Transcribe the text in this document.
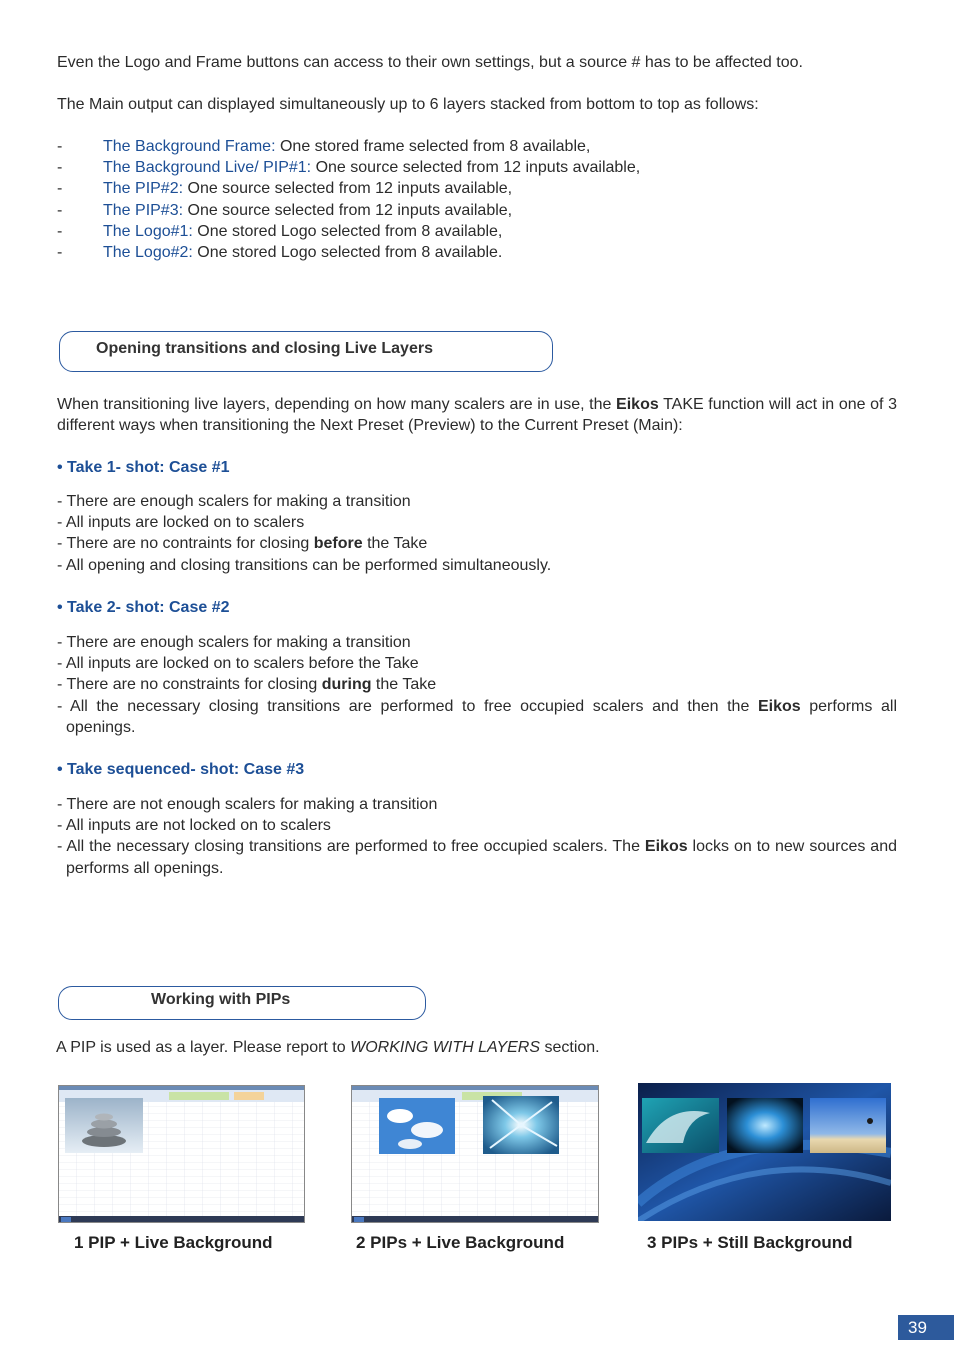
Even the Logo and Frame buttons can access to their own settings, but a source # has to be affected too.

The Main output can displayed simultaneously up to 6 layers stacked from bottom to top as follows:

-	The Background Frame: One stored frame selected from 8 available,
-	The Background Live/ PIP#1: One source selected from 12 inputs available,
-	The PIP#2: One source selected from 12 inputs available,
-	The PIP#3: One source selected from 12 inputs available,
-	The Logo#1: One stored Logo selected from 8 available,
-	The Logo#2: One stored Logo selected from 8 available.
Opening transitions and closing Live Layers

When transitioning live layers, depending on how many scalers are in use, the Eikos TAKE function will act in one of 3 different ways when transitioning the Next Preset (Preview) to the Current Preset (Main):

• Take 1- shot: Case #1

- There are enough scalers for making a transition
- All inputs are locked on to scalers
- There are no contraints for closing before the Take
- All opening and closing transitions can be performed simultaneously.

• Take 2- shot: Case #2

- There are enough scalers for making a transition
- All inputs are locked on to scalers before the Take
- There are no constraints for closing during the Take
- All the necessary closing transitions are performed to free occupied scalers and then the Eikos performs all openings.

• Take sequenced- shot: Case #3

- There are not enough scalers for making a transition
- All inputs are not locked on to scalers
- All the necessary closing transitions are performed to free occupied scalers. The Eikos locks on to new sources and performs all openings.
Working with PIPs

A PIP is used as a layer. Please report to WORKING WITH LAYERS section.

1 PIP + Live Background	2 PIPs + Live Background	3 PIPs + Still Background
39
